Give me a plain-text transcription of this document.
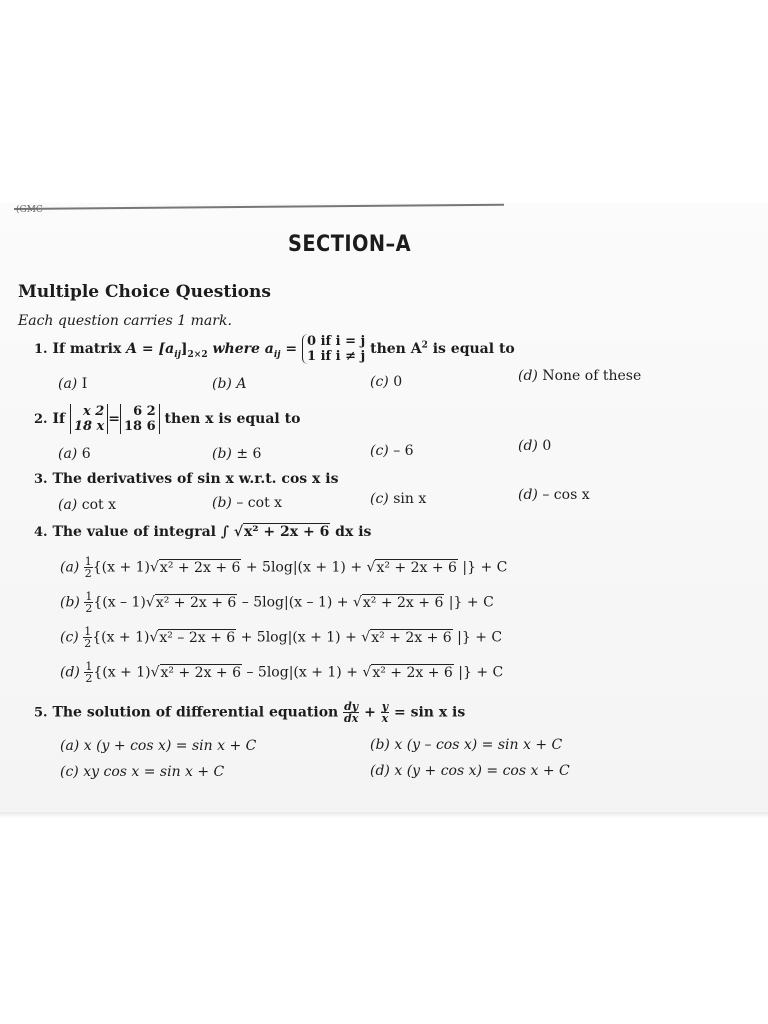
(GMC

SECTION–A
Multiple Choice Questions
Each question carries 1 mark.
1. If matrix $A = [a_{ij}]_{2\times 2}$ where $a_{ij} = 0$ if i = j
1 if i ≠ j then $A^2$ is equal to
(a) I	(b) A	(c) 0	(d) None of these
2. If	x 2
18 x =	6 2
18 6 then x is equal to
(a) 6	(b) ± 6	(c) – 6	(d) 0
3. The derivatives of sin x w.r.t. cos x is
(a) cot x	(b) – cot x	(c) sin x	(d) – cos x
4. The value of integral ∫ √x² + 2x + 6 dx is
$(a) \frac{1}{2} \{(x + 1)√x^2 + 2x + 6 + 5\log|(x + 1) + √x^2 + 2x + 6$ |} + C
$(b) \frac{1}{2} \{(x - 1)√x^2 + 2x + 6 - 5\log|(x - 1) + √x^2 + 2x + 6$ |} + C
$(c) \frac{1}{2} \{(x + 1)√x^2 - 2x + 6 + 5\log|(x + 1) + √x^2 + 2x + 6$ |} + C
$(d) \frac{1}{2} \{(x + 1)√x^2 + 2x + 6 - 5\log|(x + 1) + √x^2 + 2x + 6$ |} + C
5. The solution of differential equation $\frac{dy}{dx} + \frac{y}{x} = \sin x$ is
(a) x (y + cos x) = sin x + C	(b) x (y – cos x) = sin x + C
(c) xy cos x = sin x + C	(d) x (y + cos x) = cos x + C
